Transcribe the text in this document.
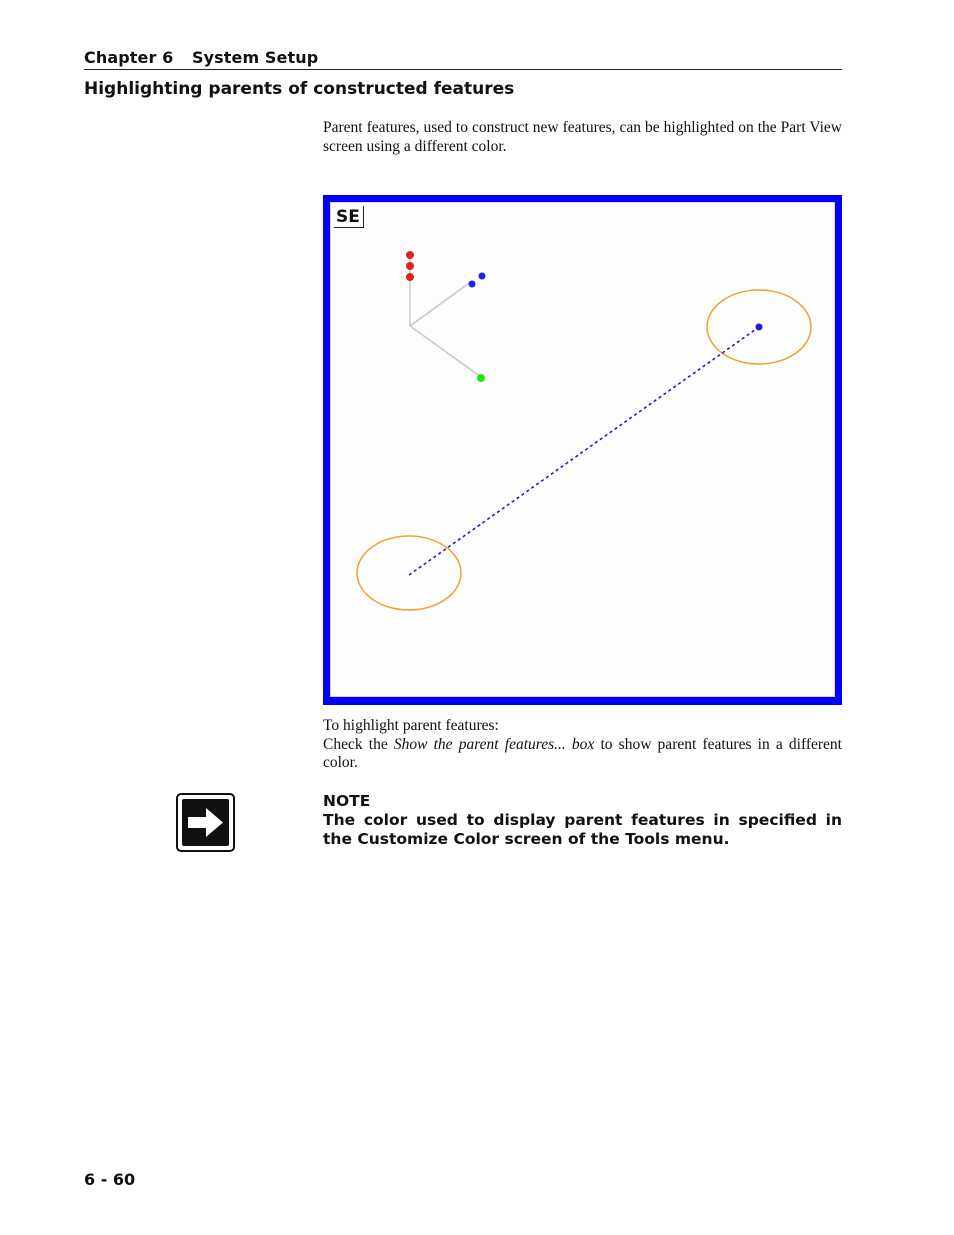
Chapter 6 System Setup
Highlighting parents of constructed features

Parent features, used to construct new features, can be highlighted on the Part View screen using a different color.

SE
To highlight parent features:
Check the Show the parent features... box to show parent features in a different color.

NOTE

The color used to display parent features in specified in the Customize Color screen of the Tools menu.

6 - 60
